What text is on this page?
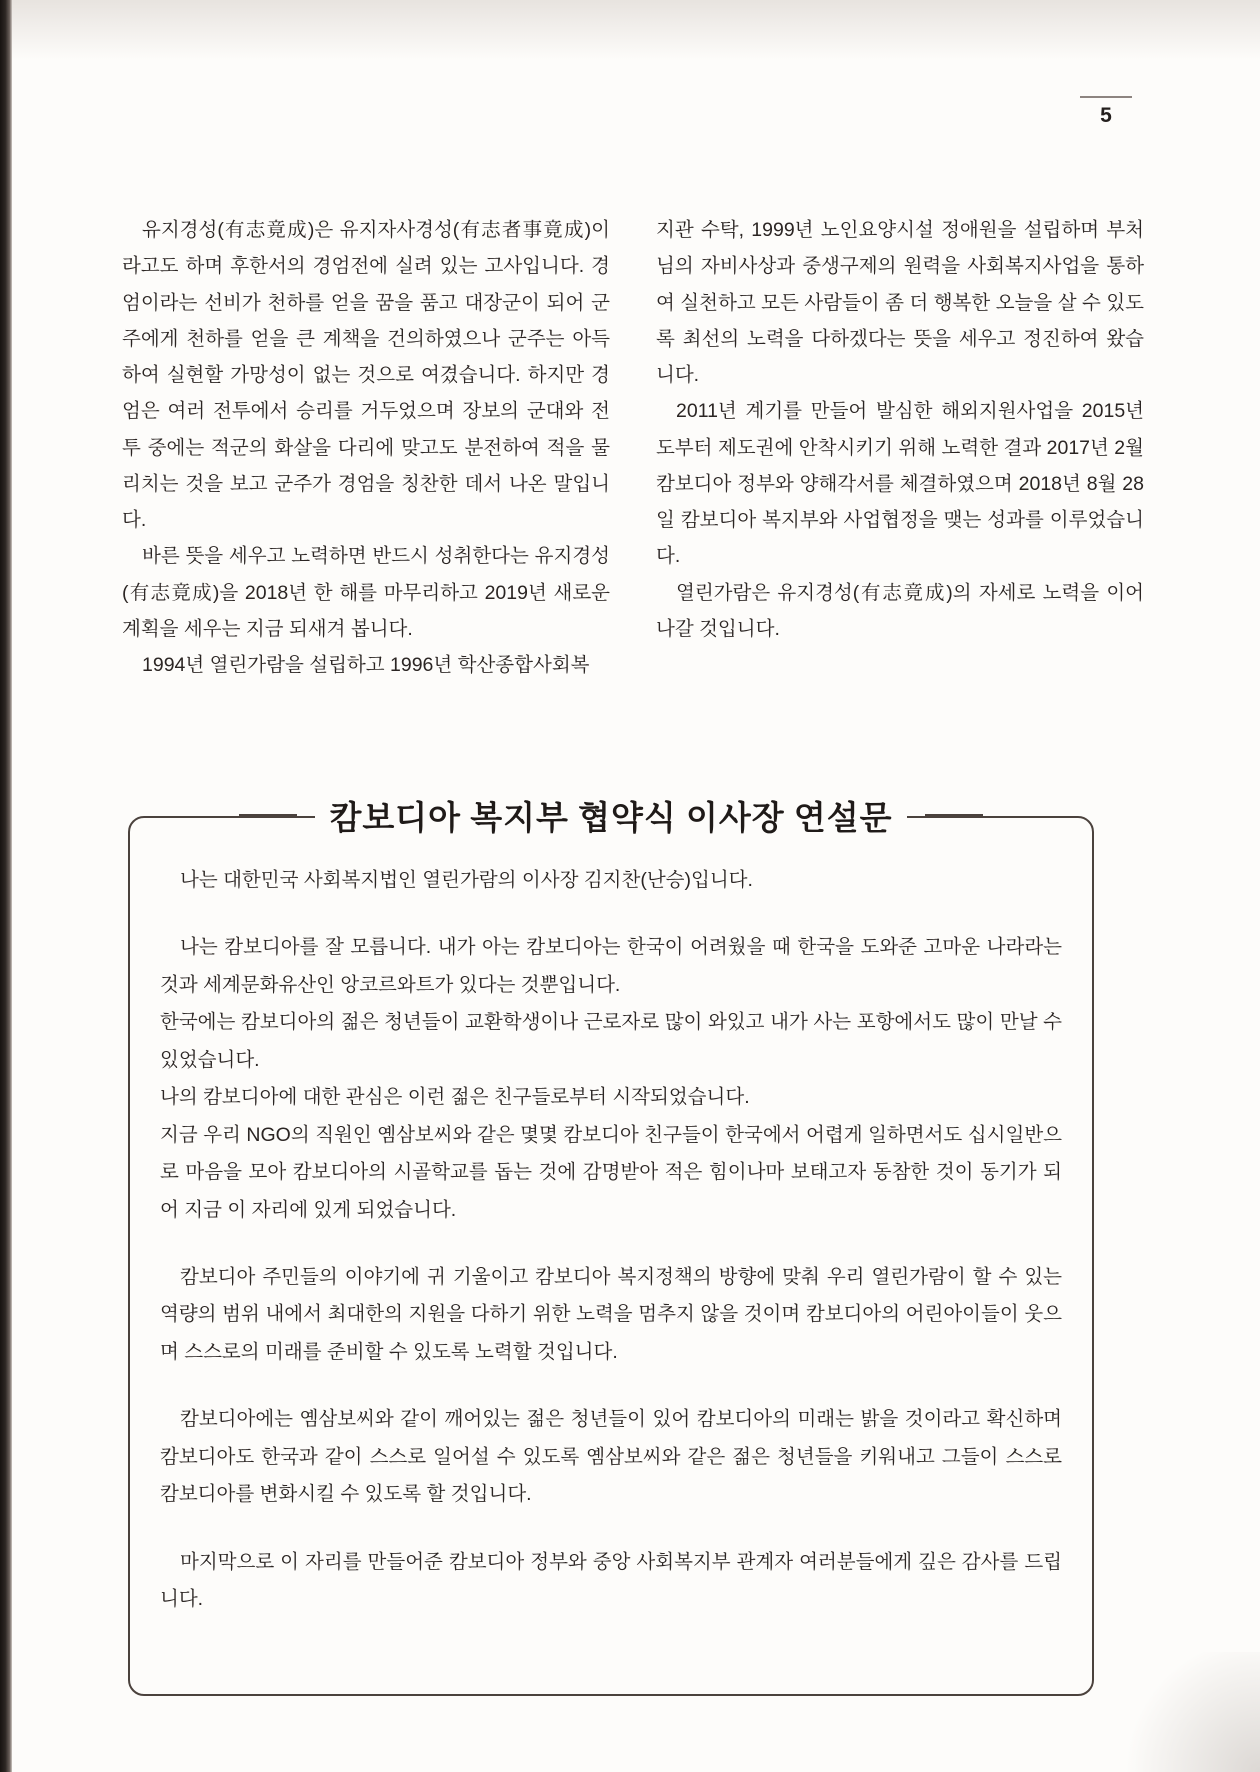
5

유지경성(有志竟成)은 유지자사경성(有志者事竟成)이라고도 하며 후한서의 경엄전에 실려 있는 고사입니다. 경엄이라는 선비가 천하를 얻을 꿈을 품고 대장군이 되어 군주에게 천하를 얻을 큰 계책을 건의하였으나 군주는 아득하여 실현할 가망성이 없는 것으로 여겼습니다. 하지만 경엄은 여러 전투에서 승리를 거두었으며 장보의 군대와 전투 중에는 적군의 화살을 다리에 맞고도 분전하여 적을 물리치는 것을 보고 군주가 경엄을 칭찬한 데서 나온 말입니다.

바른 뜻을 세우고 노력하면 반드시 성취한다는 유지경성(有志竟成)을 2018년 한 해를 마무리하고 2019년 새로운 계획을 세우는 지금 되새겨 봅니다.

1994년 열린가람을 설립하고 1996년 학산종합사회복

지관 수탁, 1999년 노인요양시설 정애원을 설립하며 부처님의 자비사상과 중생구제의 원력을 사회복지사업을 통하여 실천하고 모든 사람들이 좀 더 행복한 오늘을 살 수 있도록 최선의 노력을 다하겠다는 뜻을 세우고 정진하여 왔습니다.

2011년 계기를 만들어 발심한 해외지원사업을 2015년도부터 제도권에 안착시키기 위해 노력한 결과 2017년 2월 캄보디아 정부와 양해각서를 체결하였으며 2018년 8월 28일 캄보디아 복지부와 사업협정을 맺는 성과를 이루었습니다.

열린가람은 유지경성(有志竟成)의 자세로 노력을 이어 나갈 것입니다.

캄보디아 복지부 협약식 이사장 연설문

나는 대한민국 사회복지법인 열린가람의 이사장 김지찬(난승)입니다.

나는 캄보디아를 잘 모릅니다. 내가 아는 캄보디아는 한국이 어려웠을 때 한국을 도와준 고마운 나라라는 것과 세계문화유산인 앙코르와트가 있다는 것뿐입니다.

한국에는 캄보디아의 젊은 청년들이 교환학생이나 근로자로 많이 와있고 내가 사는 포항에서도 많이 만날 수 있었습니다.

나의 캄보디아에 대한 관심은 이런 젊은 친구들로부터 시작되었습니다.

지금 우리 NGO의 직원인 옘삼보씨와 같은 몇몇 캄보디아 친구들이 한국에서 어렵게 일하면서도 십시일반으로 마음을 모아 캄보디아의 시골학교를 돕는 것에 감명받아 적은 힘이나마 보태고자 동참한 것이 동기가 되어 지금 이 자리에 있게 되었습니다.

캄보디아 주민들의 이야기에 귀 기울이고 캄보디아 복지정책의 방향에 맞춰 우리 열린가람이 할 수 있는 역량의 범위 내에서 최대한의 지원을 다하기 위한 노력을 멈추지 않을 것이며 캄보디아의 어린아이들이 웃으며 스스로의 미래를 준비할 수 있도록 노력할 것입니다.

캄보디아에는 옘삼보씨와 같이 깨어있는 젊은 청년들이 있어 캄보디아의 미래는 밝을 것이라고 확신하며 캄보디아도 한국과 같이 스스로 일어설 수 있도록 옘삼보씨와 같은 젊은 청년들을 키워내고 그들이 스스로 캄보디아를 변화시킬 수 있도록 할 것입니다.

마지막으로 이 자리를 만들어준 캄보디아 정부와 중앙 사회복지부 관계자 여러분들에게 깊은 감사를 드립니다.
